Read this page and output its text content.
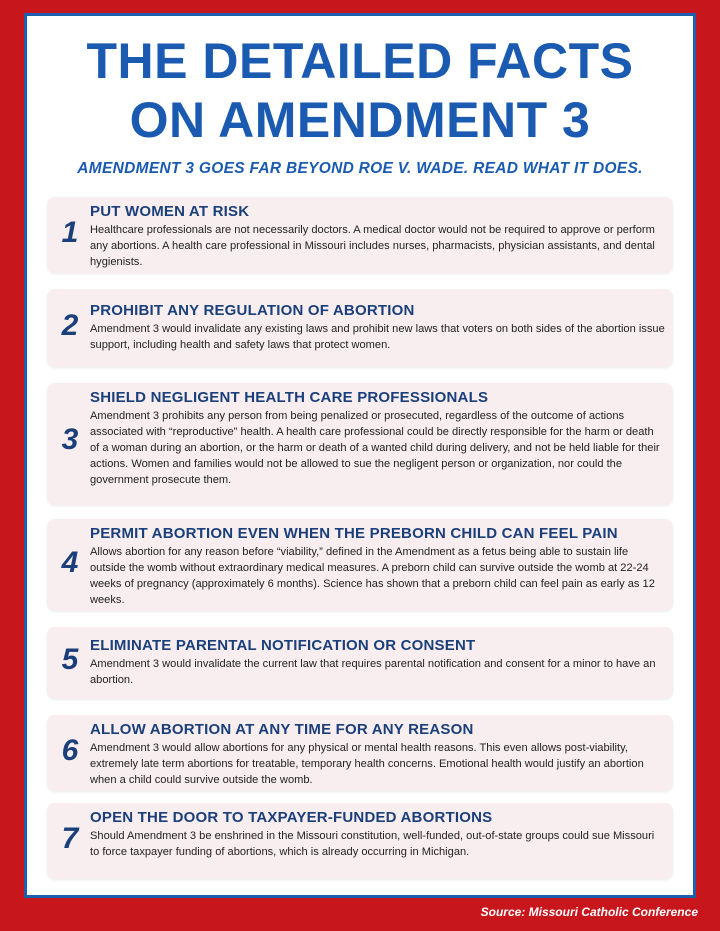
THE DETAILED FACTS
ON AMENDMENT 3
AMENDMENT 3 GOES FAR BEYOND ROE V. WADE. READ WHAT IT DOES.
1
PUT WOMEN AT RISK
Healthcare professionals are not necessarily doctors. A medical doctor would not be required to approve or perform any abortions. A health care professional in Missouri includes nurses, pharmacists, physician assistants, and dental hygienists.
2 PROHIBIT ANY REGULATION OF ABORTION
Amendment 3 would invalidate any existing laws and prohibit new laws that voters on both sides of the abortion issue support, including health and safety laws that protect women.
3
SHIELD NEGLIGENT HEALTH CARE PROFESSIONALS
Amendment 3 prohibits any person from being penalized or prosecuted, regardless of the outcome of actions associated with “reproductive” health. A health care professional could be directly responsible for the harm or death of a woman during an abortion, or the harm or death of a wanted child during delivery, and not be held liable for their actions. Women and families would not be allowed to sue the negligent person or organization, nor could the government prosecute them.
4
PERMIT ABORTION EVEN WHEN THE PREBORN CHILD CAN FEEL PAIN
Allows abortion for any reason before “viability,” defined in the Amendment as a fetus being able to sustain life outside the womb without extraordinary medical measures. A preborn child can survive outside the womb at 22-24 weeks of pregnancy (approximately 6 months). Science has shown that a preborn child can feel pain as early as 12 weeks.
5 ELIMINATE PARENTAL NOTIFICATION OR CONSENT
Amendment 3 would invalidate the current law that requires parental notification and consent for a minor to have an abortion.
6
ALLOW ABORTION AT ANY TIME FOR ANY REASON
Amendment 3 would allow abortions for any physical or mental health reasons. This even allows post-viability, extremely late term abortions for treatable, temporary health concerns. Emotional health would justify an abortion when a child could survive outside the womb.
7
OPEN THE DOOR TO TAXPAYER-FUNDED ABORTIONS
Should Amendment 3 be enshrined in the Missouri constitution, well-funded, out-of-state groups could sue Missouri to force taxpayer funding of abortions, which is already occurring in Michigan.
Source: Missouri Catholic Conference
